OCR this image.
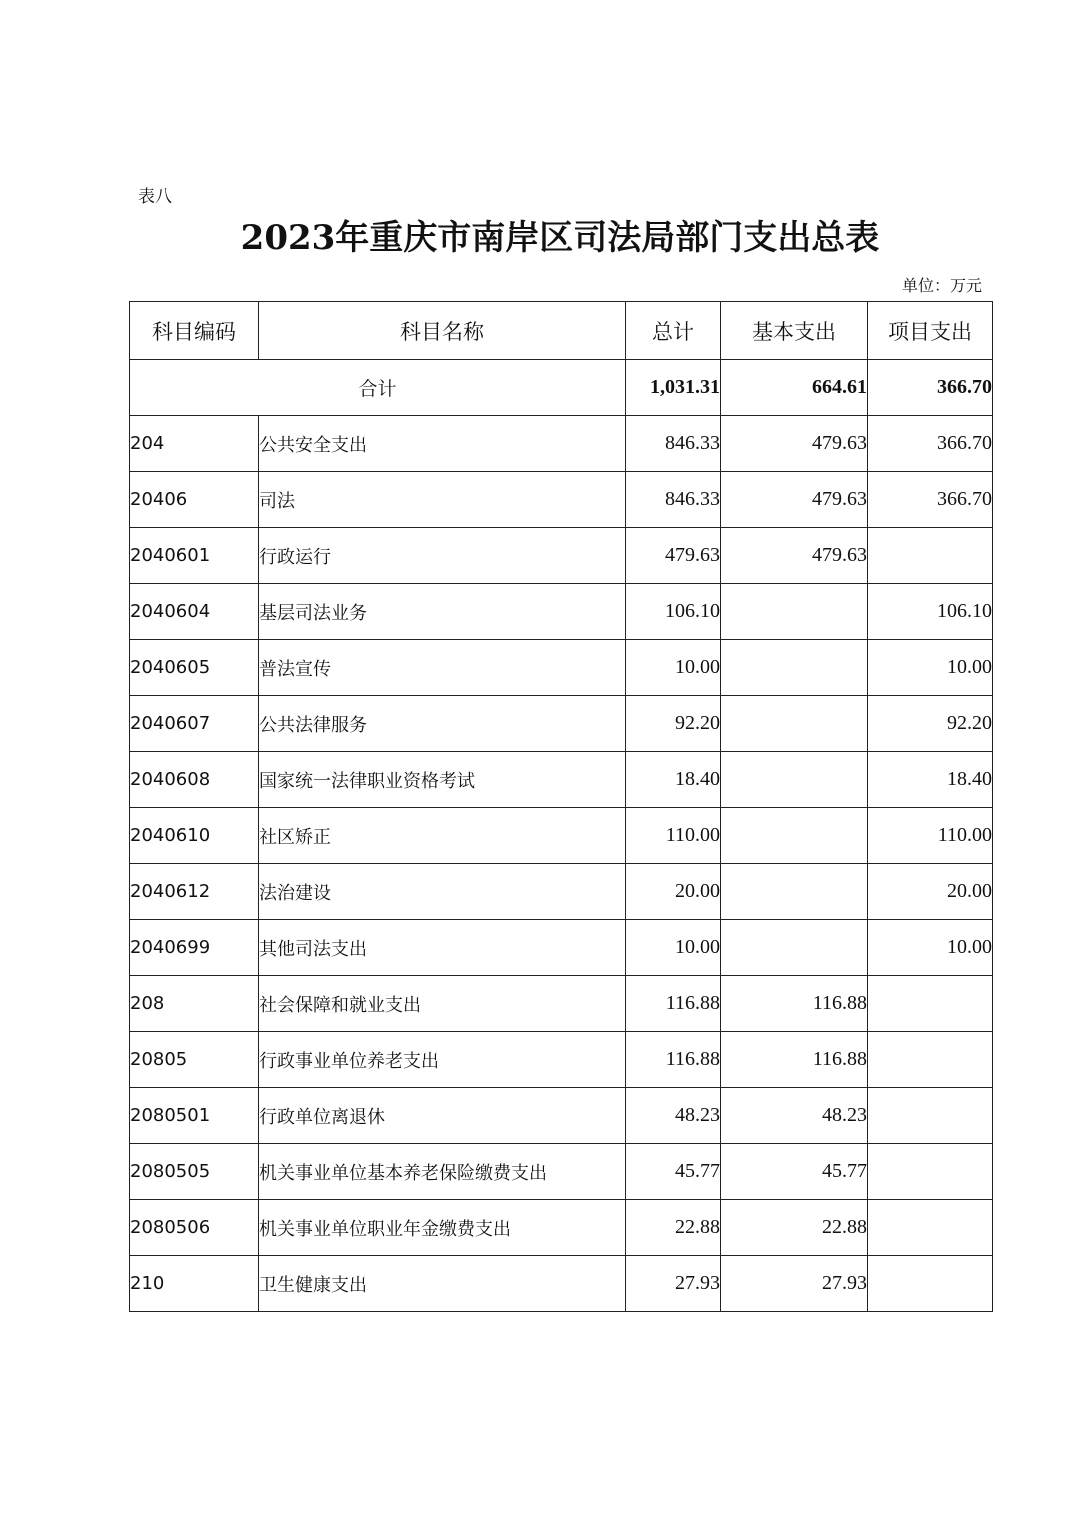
表八
2023年重庆市南岸区司法局部门支出总表
单位：万元
科目编码	科目名称	总计	基本支出	项目支出
合计		1,031.31	664.61	366.70
204	公共安全支出	846.33	479.63	366.70
20406	司法	846.33	479.63	366.70
2040601	行政运行	479.63	479.63	
2040604	基层司法业务	106.10		106.10
2040605	普法宣传	10.00		10.00
2040607	公共法律服务	92.20		92.20
2040608	国家统一法律职业资格考试	18.40		18.40
2040610	社区矫正	110.00		110.00
2040612	法治建设	20.00		20.00
2040699	其他司法支出	10.00		10.00
208	社会保障和就业支出	116.88	116.88	
20805	行政事业单位养老支出	116.88	116.88	
2080501	行政单位离退休	48.23	48.23	
2080505	机关事业单位基本养老保险缴费支出	45.77	45.77	
2080506	机关事业单位职业年金缴费支出	22.88	22.88	
210	卫生健康支出	27.93	27.93	
